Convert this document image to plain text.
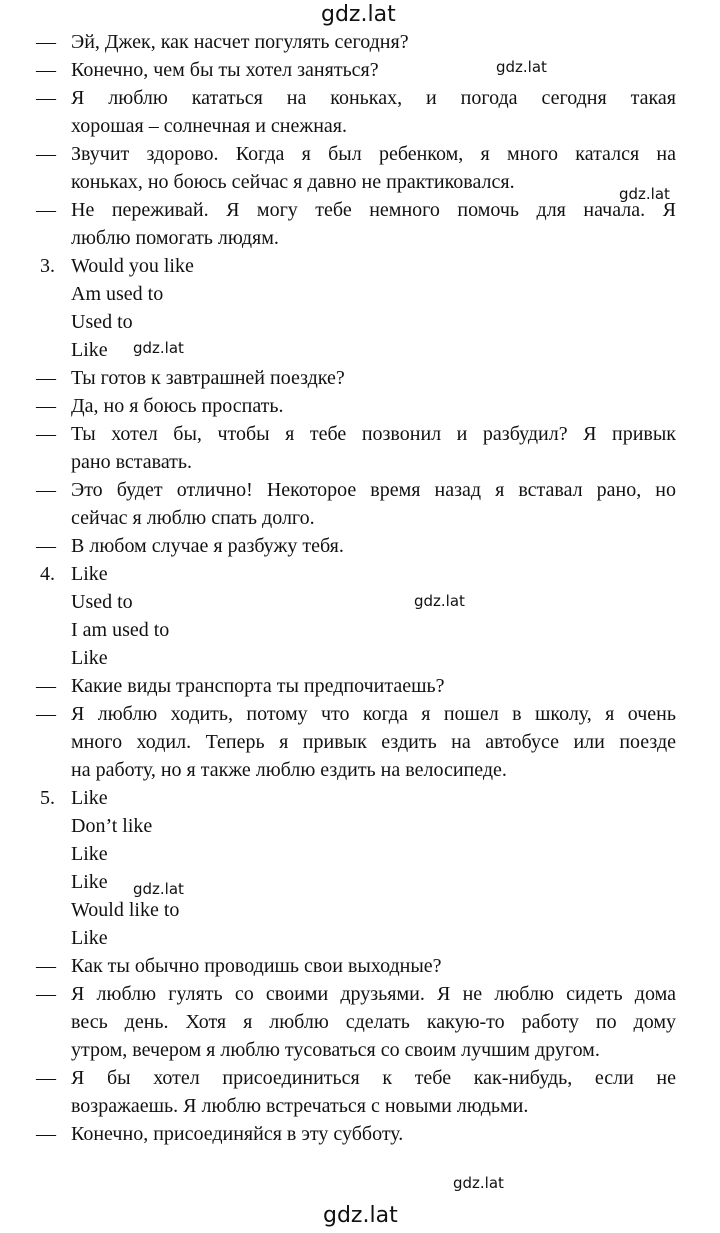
gdz.lat
gdz.lat
gdz.lat
gdz.lat
gdz.lat
gdz.lat
gdz.lat
gdz.lat
— Эй, Джек, как насчет погулять сегодня?
— Конечно, чем бы ты хотел заняться?
— Я люблю кататься на коньках, и погода сегодня такая
хорошая – солнечная и снежная.
— Звучит здорово. Когда я был ребенком, я много катался на
коньках, но боюсь сейчас я давно не практиковался.
— Не переживай. Я могу тебе немного помочь для начала. Я
люблю помогать людям.
3. Would you like
Am used to
Used to
Like
— Ты готов к завтрашней поездке?
— Да, но я боюсь проспать.
— Ты хотел бы, чтобы я тебе позвонил и разбудил? Я привык
рано вставать.
— Это будет отлично! Некоторое время назад я вставал рано, но
сейчас я люблю спать долго.
— В любом случае я разбужу тебя.
4. Like
Used to
I am used to
Like
— Какие виды транспорта ты предпочитаешь?
— Я люблю ходить, потому что когда я пошел в школу, я очень
много ходил. Теперь я привык ездить на автобусе или поезде
на работу, но я также люблю ездить на велосипеде.
5. Like
Don’t like
Like
Like
Would like to
Like
— Как ты обычно проводишь свои выходные?
— Я люблю гулять со своими друзьями. Я не люблю сидеть дома
весь день. Хотя я люблю сделать какую-то работу по дому
утром, вечером я люблю тусоваться со своим лучшим другом.
— Я бы хотел присоединиться к тебе как-нибудь, если не
возражаешь. Я люблю встречаться с новыми людьми.
— Конечно, присоединяйся в эту субботу.
